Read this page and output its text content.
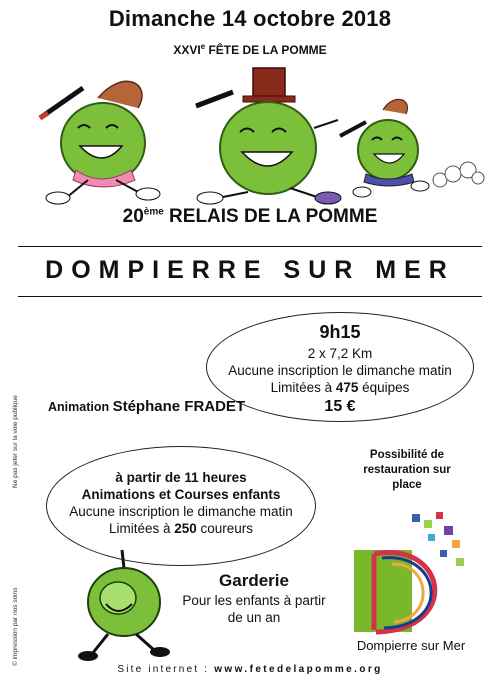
Dimanche 14 octobre 2018
XXVIe FÊTE DE LA POMME
20ème RELAIS DE LA POMME
DOMPIERRE SUR MER
9h15
2 x 7,2 Km
Aucune inscription le dimanche matin
Limitées à 475 équipes
15 €
Animation Stéphane FRADET
Ne pas jeter sur la voie publique
© impression par nos soins
à partir de 11 heures
Animations et Courses enfants
Aucune inscription le dimanche matin
Limitées à 250 coureurs
Possibilité de
restauration sur
place
Garderie
Pour les enfants à partir
de un an
Dompierre sur Mer
Site internet : www.fetedelapomme.org
